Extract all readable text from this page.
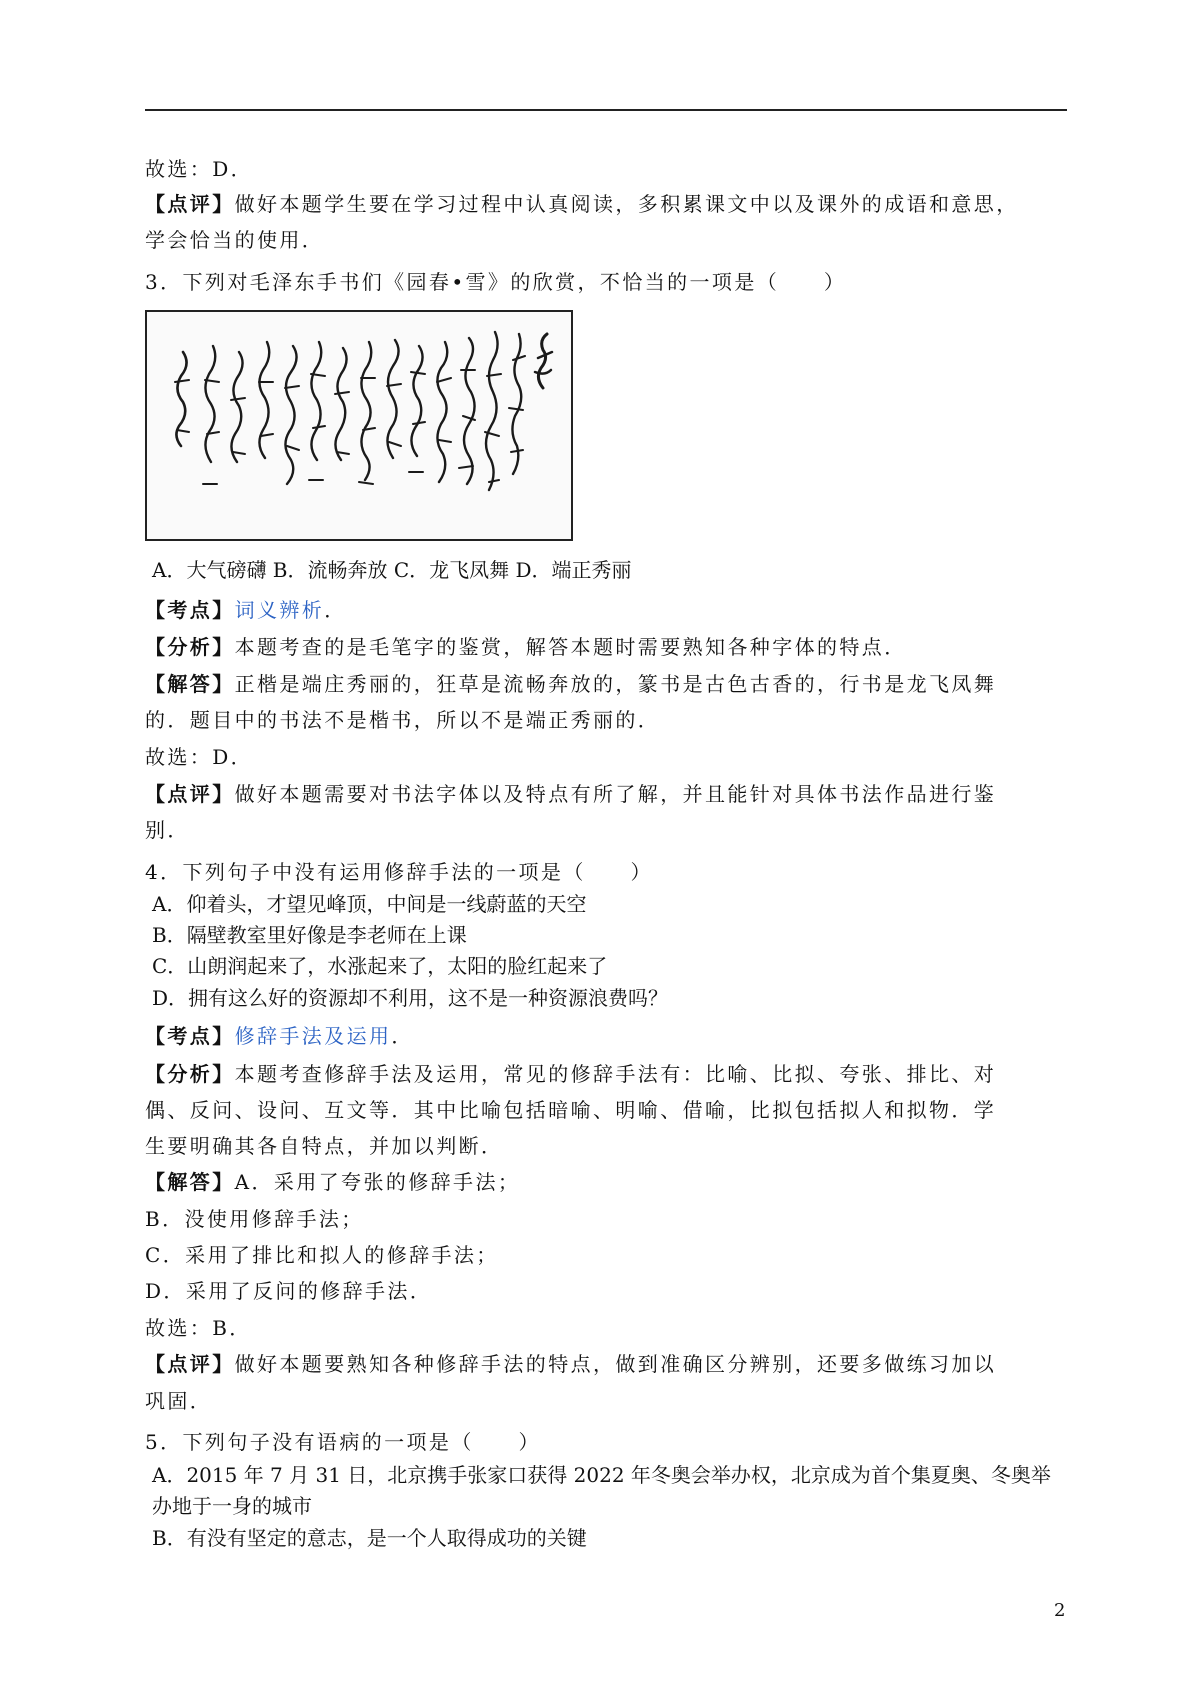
故选：D．
【点评】做好本题学生要在学习过程中认真阅读，多积累课文中以及课外的成语和意思，
学会恰当的使用．
3．下列对毛泽东手书们《园春•雪》的欣赏，不恰当的一项是（　　）
A．大气磅礴 B．流畅奔放 C．龙飞凤舞 D．端正秀丽
【考点】词义辨析．
【分析】本题考查的是毛笔字的鉴赏，解答本题时需要熟知各种字体的特点．
【解答】正楷是端庄秀丽的，狂草是流畅奔放的，篆书是古色古香的，行书是龙飞凤舞
的．题目中的书法不是楷书，所以不是端正秀丽的．
故选：D．
【点评】做好本题需要对书法字体以及特点有所了解，并且能针对具体书法作品进行鉴
别．
4．下列句子中没有运用修辞手法的一项是（　　）
A．仰着头，才望见峰顶，中间是一线蔚蓝的天空
B．隔壁教室里好像是李老师在上课
C．山朗润起来了，水涨起来了，太阳的脸红起来了
D．拥有这么好的资源却不利用，这不是一种资源浪费吗？
【考点】修辞手法及运用．
【分析】本题考查修辞手法及运用，常见的修辞手法有：比喻、比拟、夸张、排比、对
偶、反问、设问、互文等．其中比喻包括暗喻、明喻、借喻，比拟包括拟人和拟物．学
生要明确其各自特点，并加以判断．
【解答】A．采用了夸张的修辞手法；
B．没使用修辞手法；
C．采用了排比和拟人的修辞手法；
D．采用了反问的修辞手法．
故选：B．
【点评】做好本题要熟知各种修辞手法的特点，做到准确区分辨别，还要多做练习加以
巩固．
5．下列句子没有语病的一项是（　　）
A．2015 年 7 月 31 日，北京携手张家口获得 2022 年冬奥会举办权，北京成为首个集夏奥、冬奥举
办地于一身的城市
B．有没有坚定的意志，是一个人取得成功的关键
2
